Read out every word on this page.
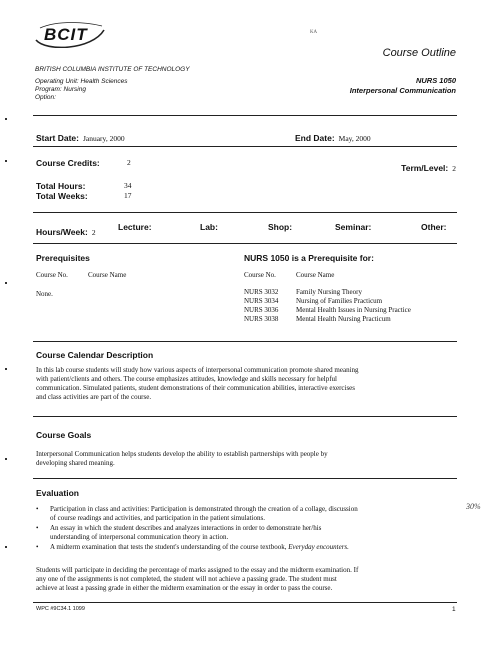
BCIT	ᴷᴬ
Course Outline
BRITISH COLUMBIA INSTITUTE OF TECHNOLOGY
Operating Unit: Health Sciences
Program: Nursing
Option:
NURS 1050
Interpersonal Communication
Start Date: January, 2000	End Date: May, 2000
Course Credits:	2
Term/Level: 2
Total Hours:	34
Total Weeks:	17
Hours/Week: 2
Lecture:	Lab:	Shop:	Seminar:	Other:
Prerequisites
Course No.	Course Name
None.
NURS 1050 is a Prerequisite for:
Course No.	Course Name
NURS 3032	Family Nursing Theory
NURS 3034	Nursing of Families Practicum
NURS 3036	Mental Health Issues in Nursing Practice
NURS 3038	Mental Health Nursing Practicum
Course Calendar Description
In this lab course students will study how various aspects of interpersonal communication promote shared meaning
with patient/clients and others. The course emphasizes attitudes, knowledge and skills necessary for helpful
communication. Simulated patients, student demonstrations of their communication abilities, interactive exercises
and class activities are part of the course.
Course Goals
Interpersonal Communication helps students develop the ability to establish partnerships with people by
developing shared meaning.
Evaluation
30%
• Participation in class and activities: Participation is demonstrated through the creation of a collage, discussion
of course readings and activities, and participation in the patient simulations.
• An essay in which the student describes and analyzes interactions in order to demonstrate her/his
understanding of interpersonal communication theory in action.
• A midterm examination that tests the student's understanding of the course textbook, Everyday encounters.
Students will participate in deciding the percentage of marks assigned to the essay and the midterm examination. If
any one of the assignments is not completed, the student will not achieve a passing grade. The student must
achieve at least a passing grade in either the midterm examination or the essay in order to pass the course.
WPC #9C34.1 1099	1
